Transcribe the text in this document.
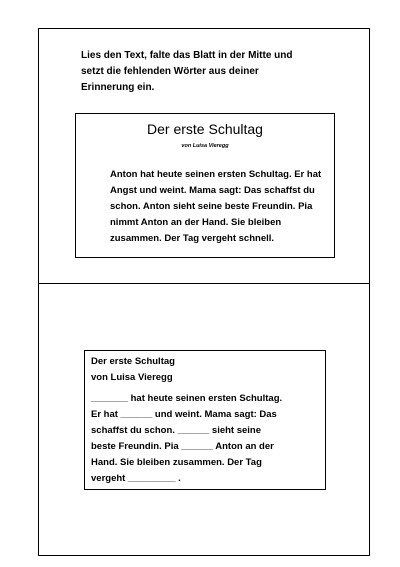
Lies den Text, falte das Blatt in der Mitte und
setzt die fehlenden Wörter aus deiner
Erinnerung ein.
Der erste Schultag
von Luisa Vieregg
Anton hat heute seinen ersten Schultag. Er hat
Angst und weint. Mama sagt: Das schaffst du
schon. Anton sieht seine beste Freundin. Pia
nimmt Anton an der Hand. Sie bleiben
zusammen. Der Tag vergeht schnell.
Der erste Schultag
von Luisa Vieregg
_______ hat heute seinen ersten Schultag.
Er hat ______ und weint. Mama sagt: Das
schaffst du schon. ______ sieht seine
beste Freundin. Pia ______ Anton an der
Hand. Sie bleiben zusammen. Der Tag
vergeht _________ .
